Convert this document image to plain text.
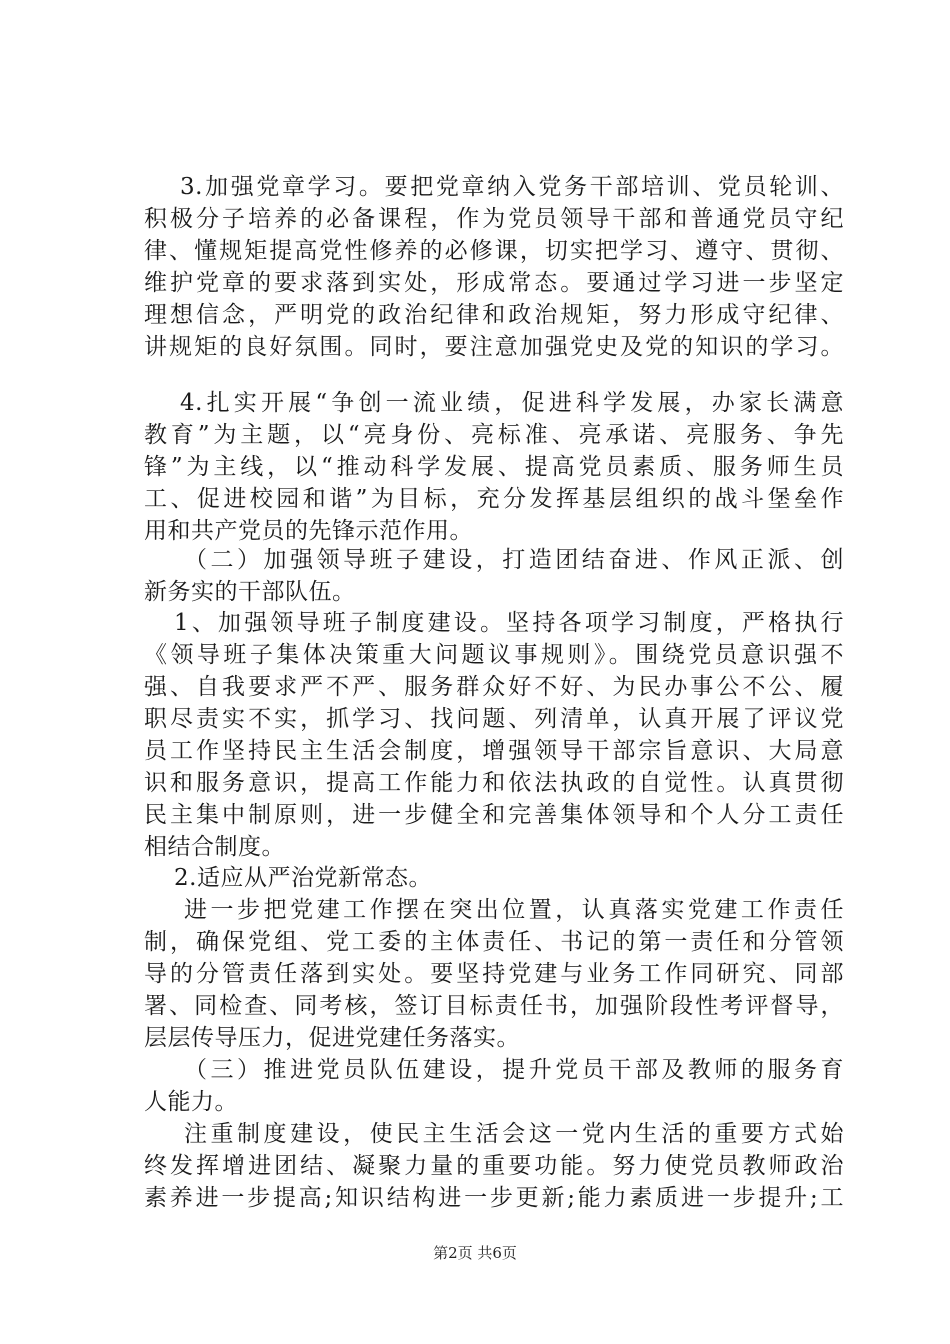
3.加强党章学习。要把党章纳入党务干部培训、党员轮训、
积极分子培养的必备课程，作为党员领导干部和普通党员守纪
律、懂规矩提高党性修养的必修课，切实把学习、遵守、贯彻、
维护党章的要求落到实处，形成常态。要通过学习进一步坚定
理想信念，严明党的政治纪律和政治规矩，努力形成守纪律、
讲规矩的良好氛围。同时，要注意加强党史及党的知识的学习。
4.扎实开展“争创一流业绩，促进科学发展，办家长满意
教育”为主题，以“亮身份、亮标准、亮承诺、亮服务、争先
锋”为主线，以“推动科学发展、提高党员素质、服务师生员
工、促进校园和谐”为目标，充分发挥基层组织的战斗堡垒作
用和共产党员的先锋示范作用。
（二）加强领导班子建设，打造团结奋进、作风正派、创
新务实的干部队伍。
1、加强领导班子制度建设。坚持各项学习制度，严格执行
《领导班子集体决策重大问题议事规则》。围绕党员意识强不
强、自我要求严不严、服务群众好不好、为民办事公不公、履
职尽责实不实，抓学习、找问题、列清单，认真开展了评议党
员工作坚持民主生活会制度，增强领导干部宗旨意识、大局意
识和服务意识，提高工作能力和依法执政的自觉性。认真贯彻
民主集中制原则，进一步健全和完善集体领导和个人分工责任
相结合制度。
2.适应从严治党新常态。
进一步把党建工作摆在突出位置，认真落实党建工作责任
制，确保党组、党工委的主体责任、书记的第一责任和分管领
导的分管责任落到实处。要坚持党建与业务工作同研究、同部
署、同检查、同考核，签订目标责任书，加强阶段性考评督导，
层层传导压力，促进党建任务落实。
（三）推进党员队伍建设，提升党员干部及教师的服务育
人能力。
注重制度建设，使民主生活会这一党内生活的重要方式始
终发挥增进团结、凝聚力量的重要功能。努力使党员教师政治
素养进一步提高;知识结构进一步更新;能力素质进一步提升;工
第2页 共6页
